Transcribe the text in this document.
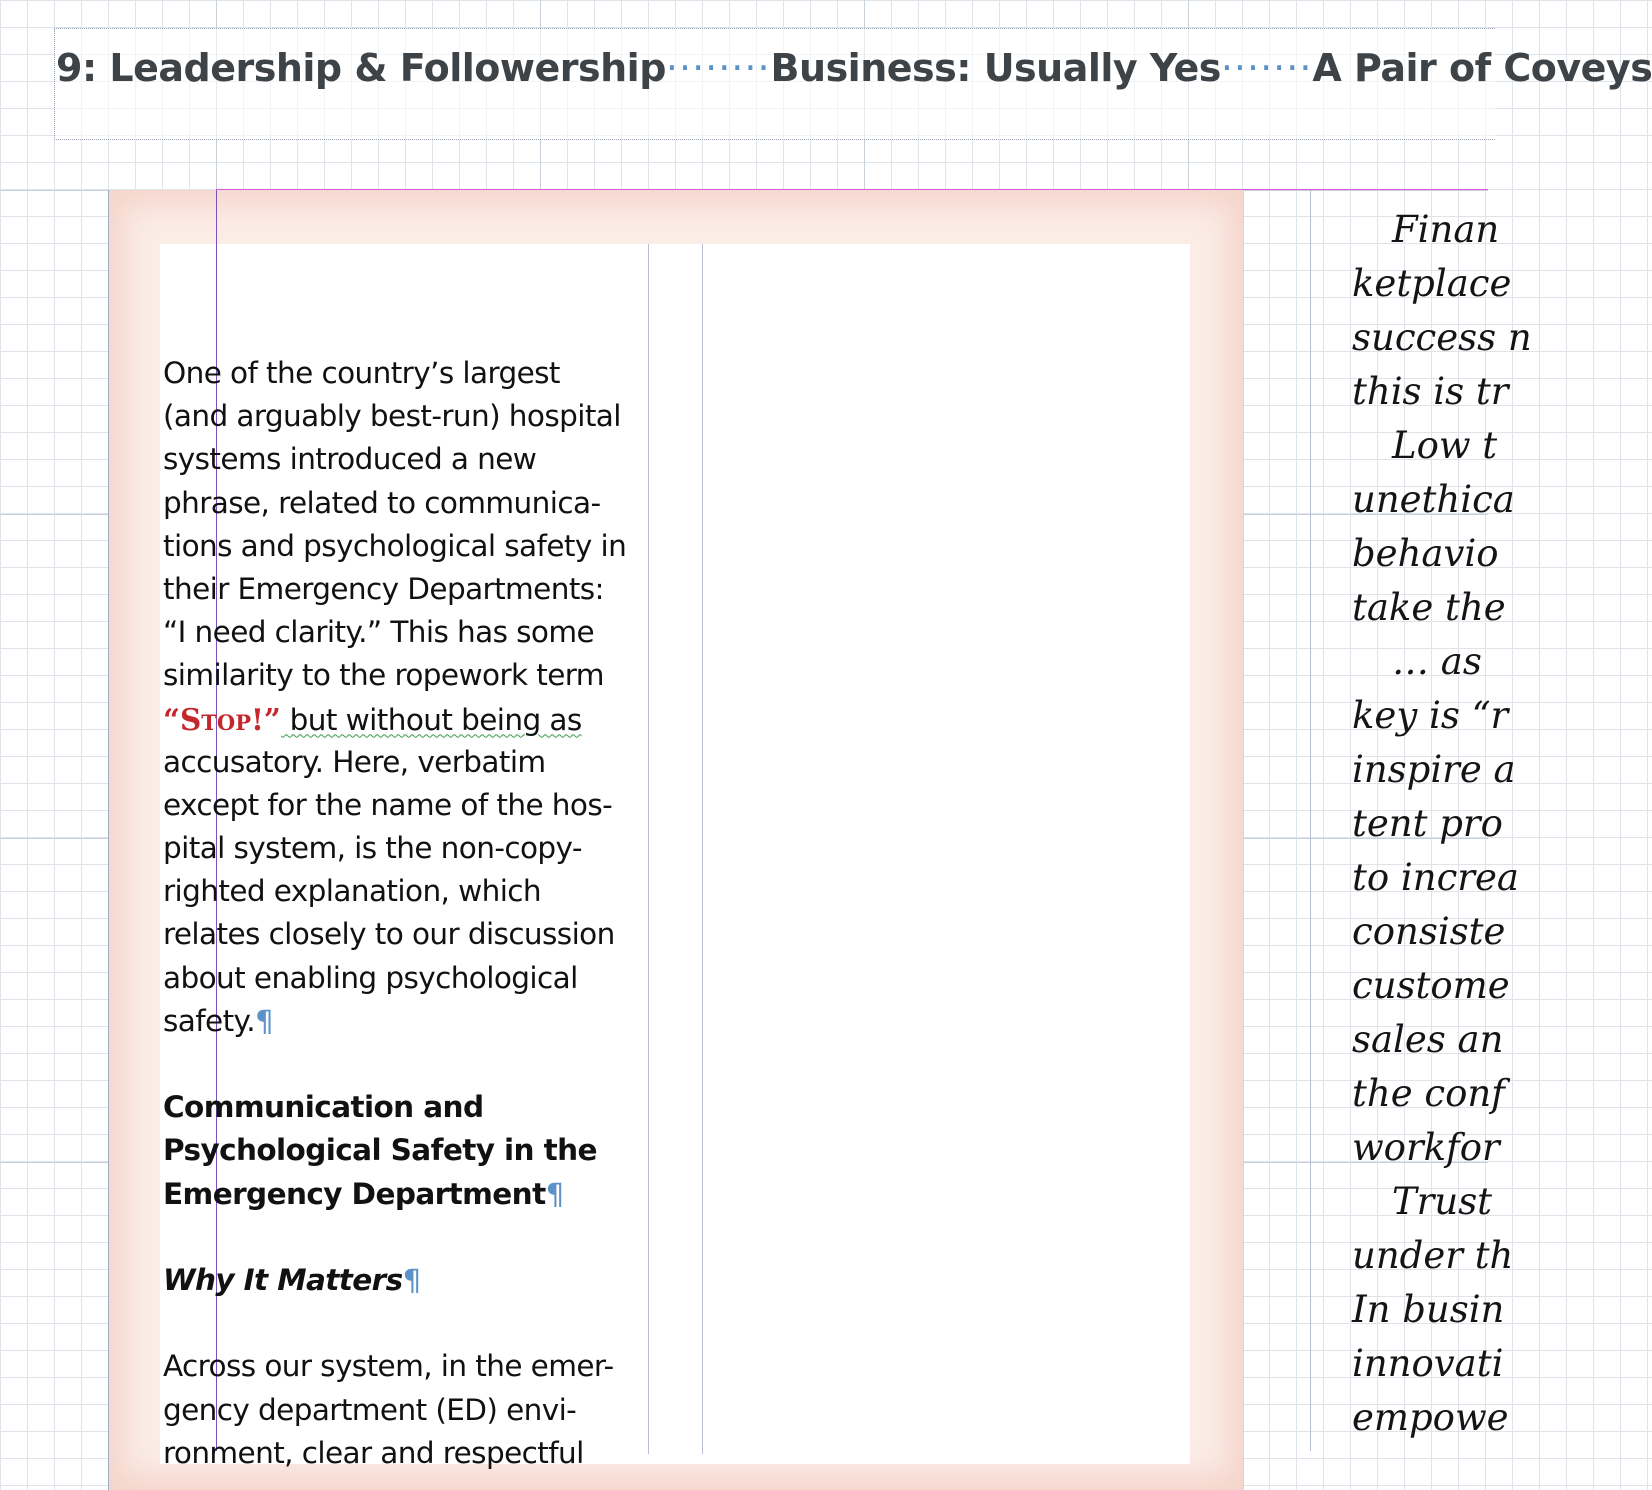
9: Leadership & Followership········Business: Usually Yes·······A Pair of Coveys
One of the country’s largest
(and arguably best-run) hospital
systems introduced a new
phrase, related to communica-
tions and psychological safety in
their Emergency Departments:
“I need clarity.” This has some
similarity to the ropework term
“Stop!” but without being as
accusatory. Here, verbatim
except for the name of the hos-
pital system, is the non-copy-
righted explanation, which
relates closely to our discussion
about enabling psychological
safety.¶
Communication and
Psychological Safety in the
Emergency Department¶
Why It Matters¶
Across our system, in the emer-
gency department (ED) envi-
ronment, clear and respectful
Finan
ketplace
success n
this is tr
Low t
unethica
behavio
take the
… as
key is “r
inspire a
tent pro
to increa
consiste
custome
sales an
the conf
workfor
Trust
under th
In busin
innovati
empowe
